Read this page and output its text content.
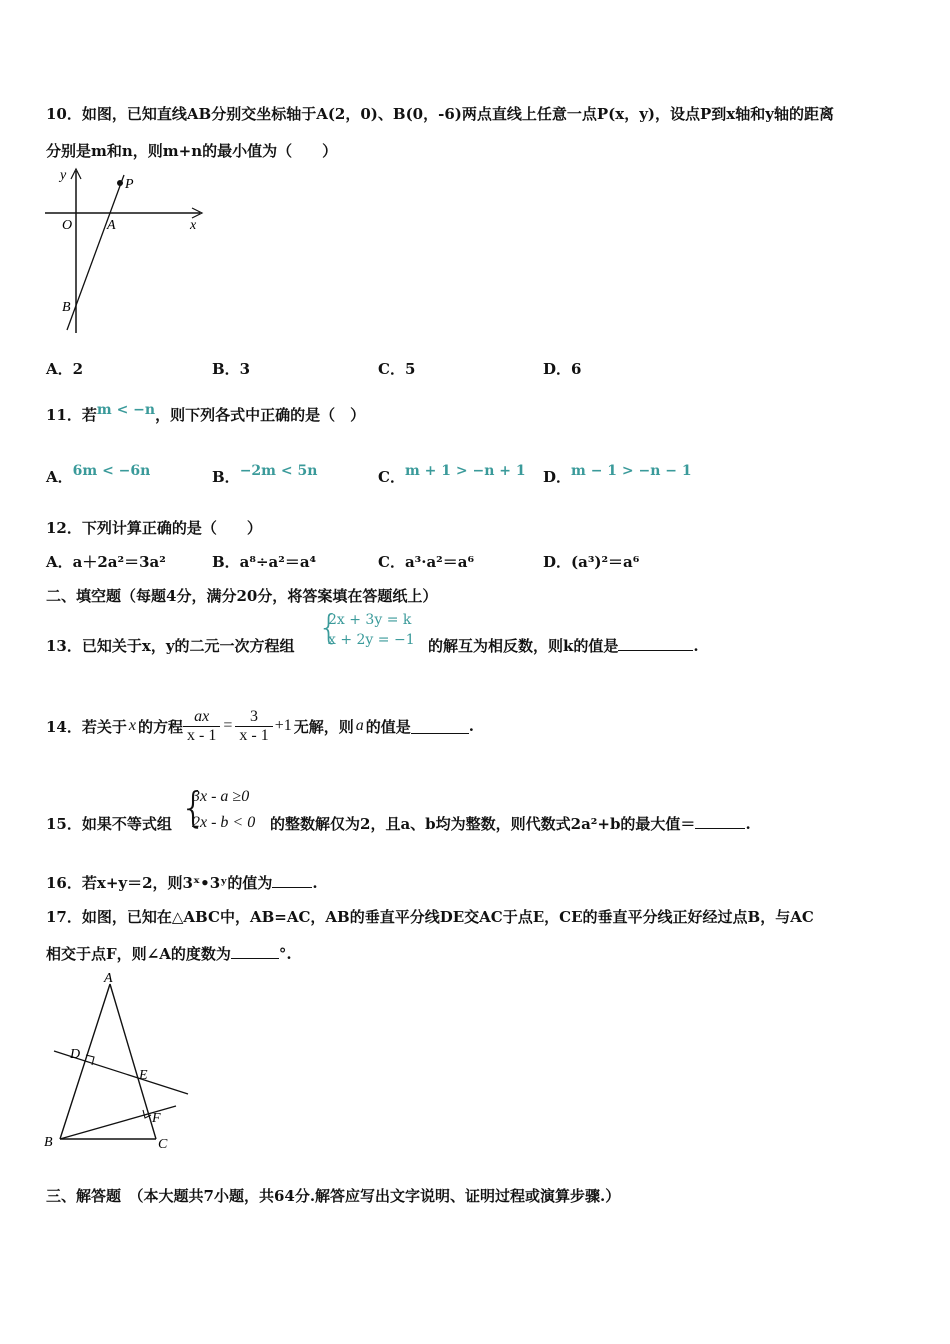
10．如图，已知直线AB分别交坐标轴于A(2，0)、B(0，-6)两点直线上任意一点P(x，y)，设点P到x轴和y轴的距离
分别是m和n，则m+n的最小值为（　　）
y
x
O A
B
P
A．2	B．3	C．5	D．6
11．若m < −n，则下列各式中正确的是（　）
A．6m < −6n	B．−2m < 5n	C．m + 1 > −n + 1 D．m − 1 > −n − 1
12．下列计算正确的是（　　）
A．a＋2a²＝3a²	B．a⁸÷a²＝a⁴	C．a³·a²＝a⁶	D．(a³)²＝a⁶
二、填空题（每题4分，满分20分，将答案填在答题纸上）
13．已知关于x，y的二元一次方程组 {
2x + 3y = k
x + 2y = −1 的解互为相反数，则k的值是	.
14．若关于 x 的方程 $\frac{ax}{x - 1} = \frac{3}{x - 1} +1$ 无解，则 a 的值是	.
15．如果不等式组 {
3x - a ≥0
2x - b < 0 的整数解仅为2，且a、b均为整数，则代数式2a²+b的最大值＝	.
16．若x+y＝2，则3ˣ•3ʸ的值为	.
17．如图，已知在△ABC中，AB=AC，AB的垂直平分线DE交AC于点E，CE的垂直平分线正好经过点B，与AC
相交于点F，则∠A的度数为	°.
A
B	C
D
E
F
三、解答题　（本大题共7小题，共64分.解答应写出文字说明、证明过程或演算步骤.）
